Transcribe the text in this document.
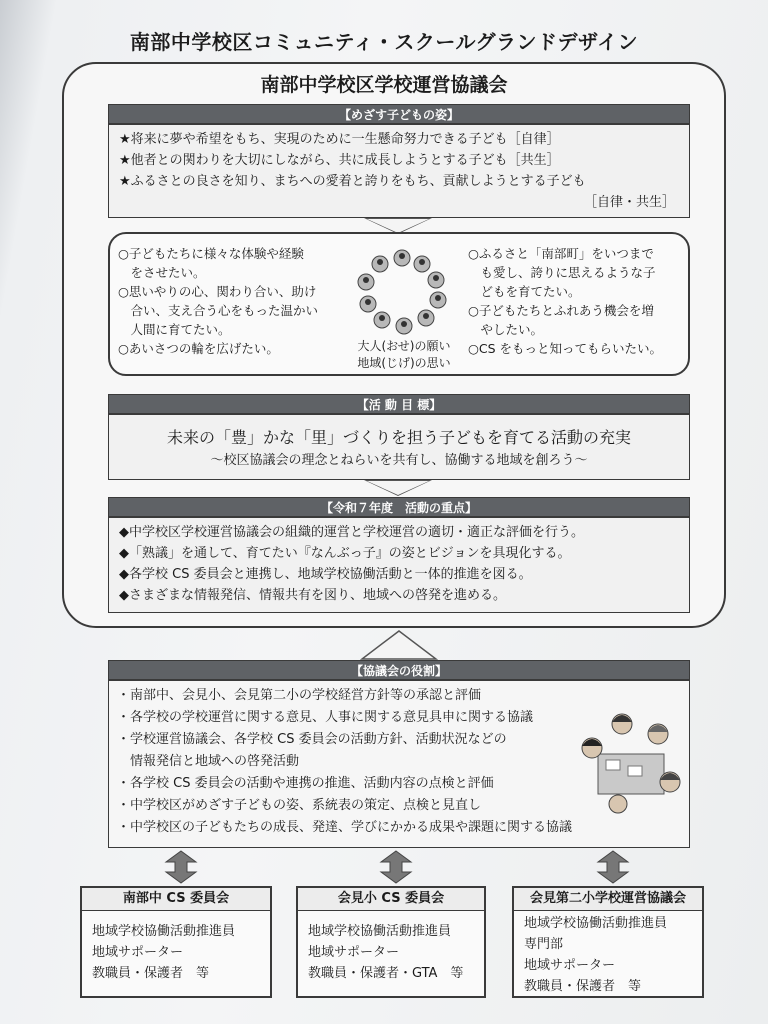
南部中学校区コミュニティ・スクールグランドデザイン
南部中学校区学校運営協議会
【めざす子どもの姿】
★将来に夢や希望をもち、実現のために一生懸命努力できる子ども［自律］
★他者との関わりを大切にしながら、共に成長しようとする子ども［共生］
★ふるさとの良さを知り、まちへの愛着と誇りをもち、貢献しようとする子ども
［自律・共生］
○子どもたちに様々な体験や経験
　をさせたい。
○思いやりの心、関わり合い、助け
　合い、支え合う心をもった温かい
　人間に育てたい。
○あいさつの輪を広げたい。	大人(おせ)の願い
地域(じげ)の思い
○ふるさと「南部町」をいつまで
　も愛し、誇りに思えるような子
　どもを育てたい。
○子どもたちとふれあう機会を増
　やしたい。
○CS をもっと知ってもらいたい。
【活 動 目 標】
未来の「豊」かな「里」づくりを担う子どもを育てる活動の充実
～校区協議会の理念とねらいを共有し、協働する地域を創ろう～
【令和７年度　活動の重点】
◆中学校区学校運営協議会の組織的運営と学校運営の適切・適正な評価を行う。
◆「熟議」を通して、育てたい『なんぶっ子』の姿とビジョンを具現化する。
◆各学校 CS 委員会と連携し、地域学校協働活動と一体的推進を図る。
◆さまざまな情報発信、情報共有を図り、地域への啓発を進める。
【協議会の役割】
・南部中、会見小、会見第二小の学校経営方針等の承認と評価
・各学校の学校運営に関する意見、人事に関する意見具申に関する協議
・学校運営協議会、各学校 CS 委員会の活動方針、活動状況などの
　情報発信と地域への啓発活動
・各学校 CS 委員会の活動や連携の推進、活動内容の点検と評価
・中学校区がめざす子どもの姿、系統表の策定、点検と見直し
・中学校区の子どもたちの成長、発達、学びにかかる成果や課題に関する協議
南部中 CS 委員会
地域学校協働活動推進員
地域サポーター
教職員・保護者　等
会見小 CS 委員会
地域学校協働活動推進員
地域サポーター
教職員・保護者・GTA　等
会見第二小学校運営協議会
地域学校協働活動推進員
専門部
地域サポーター
教職員・保護者　等
